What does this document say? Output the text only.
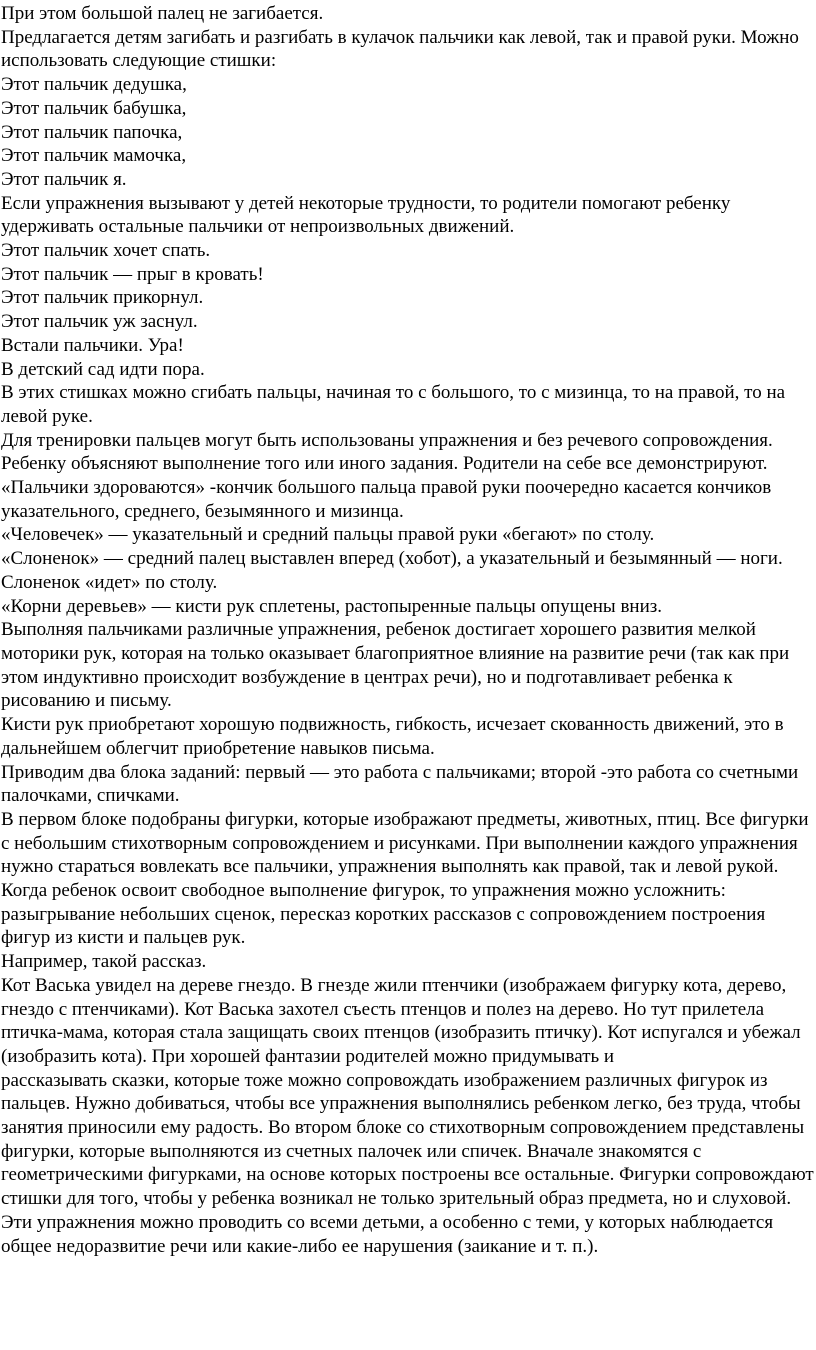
При этом большой палец не загибается.

Предлагается детям загибать и разгибать в кулачок пальчики как левой, так и правой руки. Можно использовать следующие стишки:

Этот пальчик дедушка,

Этот пальчик бабушка,

Этот пальчик папочка,

Этот пальчик мамочка,

Этот пальчик я.

Если упражнения вызывают у детей некоторые трудности, то родители помогают ребенку удерживать остальные пальчики от непроизвольных движений.

Этот пальчик хочет спать.

Этот пальчик — прыг в кровать!

Этот пальчик прикорнул.

Этот пальчик уж заснул.

Встали пальчики. Ура!

В детский сад идти пора.

В этих стишках можно сгибать пальцы, начиная то с большого, то с мизинца, то на правой, то на левой руке.

Для тренировки пальцев могут быть использованы упражнения и без речевого сопровождения. Ребенку объясняют выполнение того или иного задания. Родители на себе все демонстрируют. «Пальчики здороваются» -кончик большого пальца правой руки поочередно касается кончиков указательного, среднего, безымянного и мизинца.

«Человечек» — указательный и средний пальцы правой руки «бегают» по столу.

«Слоненок» — средний палец выставлен вперед (хобот), а указательный и безымянный — ноги. Слоненок «идет» по столу.

«Корни деревьев» — кисти рук сплетены, растопыренные пальцы опущены вниз.

Выполняя пальчиками различные упражнения, ребенок достигает хорошего развития мелкой моторики рук, которая на только оказывает благоприятное влияние на развитие речи (так как при этом индуктивно происходит возбуждение в центрах речи), но и подготавливает ребенка к рисованию и письму.

Кисти рук приобретают хорошую подвижность, гибкость, исчезает скованность движений, это в дальнейшем облегчит приобретение навыков письма.

Приводим два блока заданий: первый — это работа с пальчиками; второй -это работа со счетными палочками, спичками.

В первом блоке подобраны фигурки, которые изображают предметы, животных, птиц. Все фигурки с небольшим стихотворным сопровождением и рисунками. При выполнении каждого упражнения нужно стараться вовлекать все пальчики, упражнения выполнять как правой, так и левой рукой.

Когда ребенок освоит свободное выполнение фигурок, то упражнения можно усложнить: разыгрывание небольших сценок, пересказ коротких рассказов с сопровождением построения фигур из кисти и пальцев рук.

Например, такой рассказ.

Кот Васька увидел на дереве гнездо. В гнезде жили птенчики (изображаем фигурку кота, дерево, гнездо с птенчиками). Кот Васька захотел съесть птенцов и полез на дерево. Но тут прилетела птичка-мама, которая стала защищать своих птенцов (изобразить птичку). Кот испугался и убежал (изобразить кота). При хорошей фантазии родителей можно придумывать и

рассказывать сказки, которые тоже можно сопровождать изображением различных фигурок из пальцев. Нужно добиваться, чтобы все упражнения выполнялись ребенком легко, без труда, чтобы занятия приносили ему радость. Во втором блоке со стихотворным сопровождением представлены фигурки, которые выполняются из счетных палочек или спичек. Вначале знакомятся с геометрическими фигурками, на основе которых построены все остальные. Фигурки сопровождают стишки для того, чтобы у ребенка возникал не только зрительный образ предмета, но и слуховой.

Эти упражнения можно проводить со всеми детьми, а особенно с теми, у которых наблюдается общее недоразвитие речи или какие-либо ее нарушения (заикание и т. п.).
